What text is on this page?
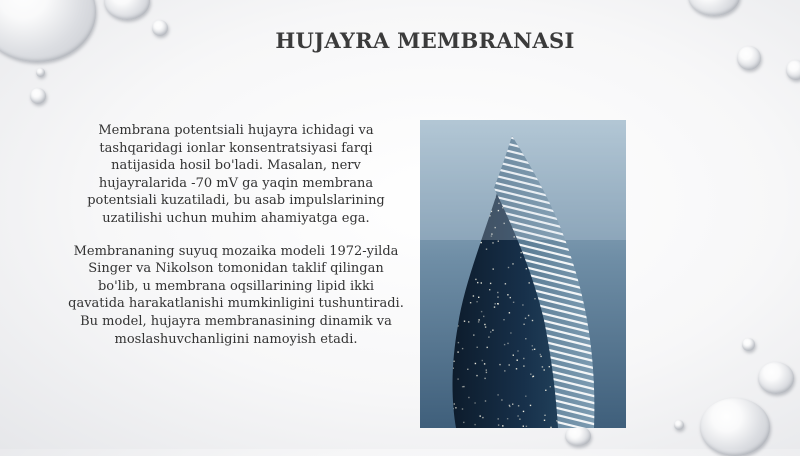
HUJAYRA MEMBRANASI

Membrana potentsiali hujayra ichidagi va tashqaridagi ionlar konsentratsiyasi farqi natijasida hosil bo'ladi. Masalan, nerv hujayralarida -70 mV ga yaqin membrana potentsiali kuzatiladi, bu asab impulslarining uzatilishi uchun muhim ahamiyatga ega.

Membrananing suyuq mozaika modeli 1972-yilda Singer va Nikolson tomonidan taklif qilingan bo'lib, u membrana oqsillarining lipid ikki qavatida harakatlanishi mumkinligini tushuntiradi. Bu model, hujayra membranasining dinamik va moslashuvchanligini namoyish etadi.
